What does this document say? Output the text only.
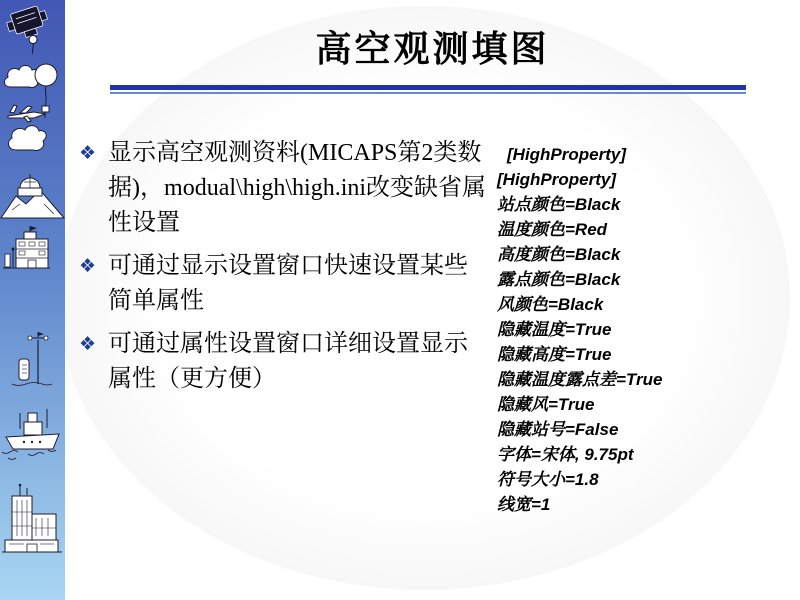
高空观测填图
❖ 显示高空观测资料(MICAPS第2类数据)，modual\high\high.ini改变缺省属性设置
❖ 可通过显示设置窗口快速设置某些简单属性
❖ 可通过属性设置窗口详细设置显示属性（更方便）
[HighProperty]
[HighProperty]
站点颜色=Black
温度颜色=Red
高度颜色=Black
露点颜色=Black
风颜色=Black
隐藏温度=True
隐藏高度=True
隐藏温度露点差=True
隐藏风=True
隐藏站号=False
字体=宋体, 9.75pt
符号大小=1.8
线宽=1
